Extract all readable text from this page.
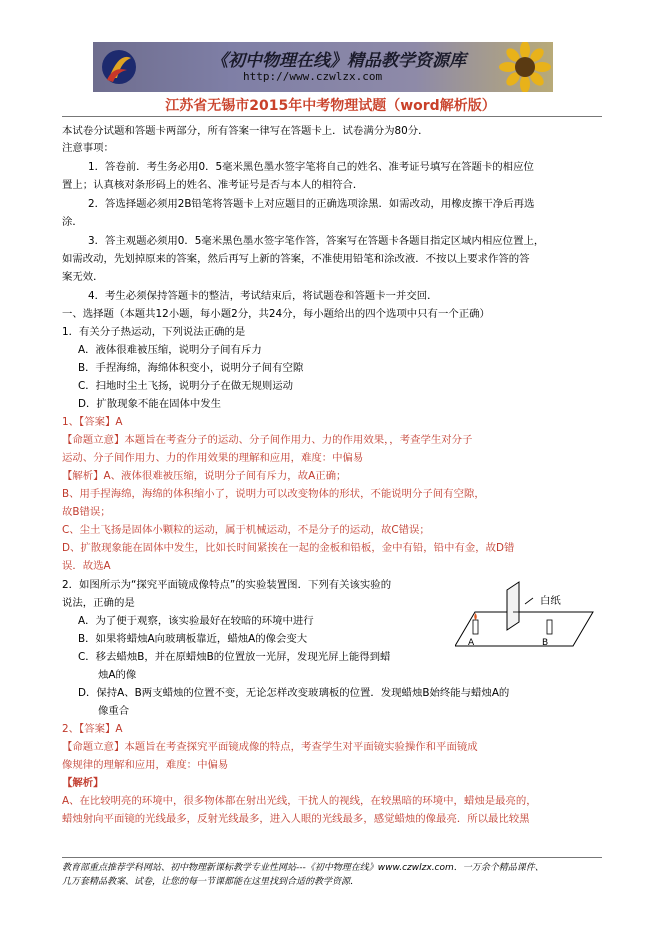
《初中物理在线》精品教学资源库
http://www.czwlzx.com
江苏省无锡市2015年中考物理试题（word解析版）
本试卷分试题和答题卡两部分，所有答案一律写在答题卡上．试卷满分为80分．
注意事项：
1．答卷前．考生务必用0．5毫米黑色墨水签字笔将自己的姓名、准考证号填写在答题卡的相应位
置上；认真核对条形码上的姓名、准考证号是否与本人的相符合．
2．答选择题必须用2B铅笔将答题卡上对应题目的正确选项涂黑．如需改动，用橡皮擦干净后再选
涂．
3．答主观题必须用0．5毫米黑色墨水签字笔作答，答案写在答题卡各题目指定区域内相应位置上，
如需改动，先划掉原来的答案，然后再写上新的答案，不准使用铅笔和涂改液．不按以上要求作答的答
案无效．
4．考生必须保持答题卡的整洁，考试结束后，将试题卷和答题卡一并交回．
一、选择题（本题共12小题，每小题2分，共24分，每小题给出的四个选项中只有一个正确）
1．有关分子热运动，下列说法正确的是
A．液体很难被压缩，说明分子间有斥力
B．手捏海绵，海绵体积变小，说明分子间有空隙
C．扫地时尘土飞扬，说明分子在做无规则运动
D．扩散现象不能在固体中发生
1、【答案】A
【命题立意】本题旨在考查分子的运动、分子间作用力、力的作用效果，，考查学生对分子
运动、分子间作用力、力的作用效果的理解和应用，难度：中偏易
【解析】A、液体很难被压缩，说明分子间有斥力，故A正确；
B、用手捏海绵，海绵的体积缩小了，说明力可以改变物体的形状，不能说明分子间有空隙，
故B错误；
C、尘土飞扬是固体小颗粒的运动，属于机械运动，不是分子的运动，故C错误；
D、扩散现象能在固体中发生，比如长时间紧挨在一起的金板和铅板，金中有铅，铅中有金，故D错
误．故选A
2．如图所示为“探究平面镜成像特点”的实验装置图．下列有关该实验的
说法，正确的是
A．为了便于观察，该实验最好在较暗的环境中进行
B．如果将蜡烛A向玻璃板靠近，蜡烛A的像会变大
C．移去蜡烛B，并在原蜡烛B的位置放一光屏，发现光屏上能得到蜡
烛A的像
D．保持A、B两支蜡烛的位置不变，无论怎样改变玻璃板的位置．发现蜡烛B始终能与蜡烛A的
像重合
白纸
A	B
2、【答案】A
【命题立意】本题旨在考查探究平面镜成像的特点，考查学生对平面镜实验操作和平面镜成
像规律的理解和应用，难度：中偏易
【解析】
A、在比较明亮的环境中，很多物体都在射出光线，干扰人的视线，在较黑暗的环境中，蜡烛是最亮的，
蜡烛射向平面镜的光线最多，反射光线最多，进入人眼的光线最多，感觉蜡烛的像最亮．所以最比较黑
教育部重点推荐学科网站、初中物理新课标教学专业性网站---《初中物理在线》www.czwlzx.com．一万余个精品课件、
几万套精品教案、试卷，让您的每一节课都能在这里找到合适的教学资源．
